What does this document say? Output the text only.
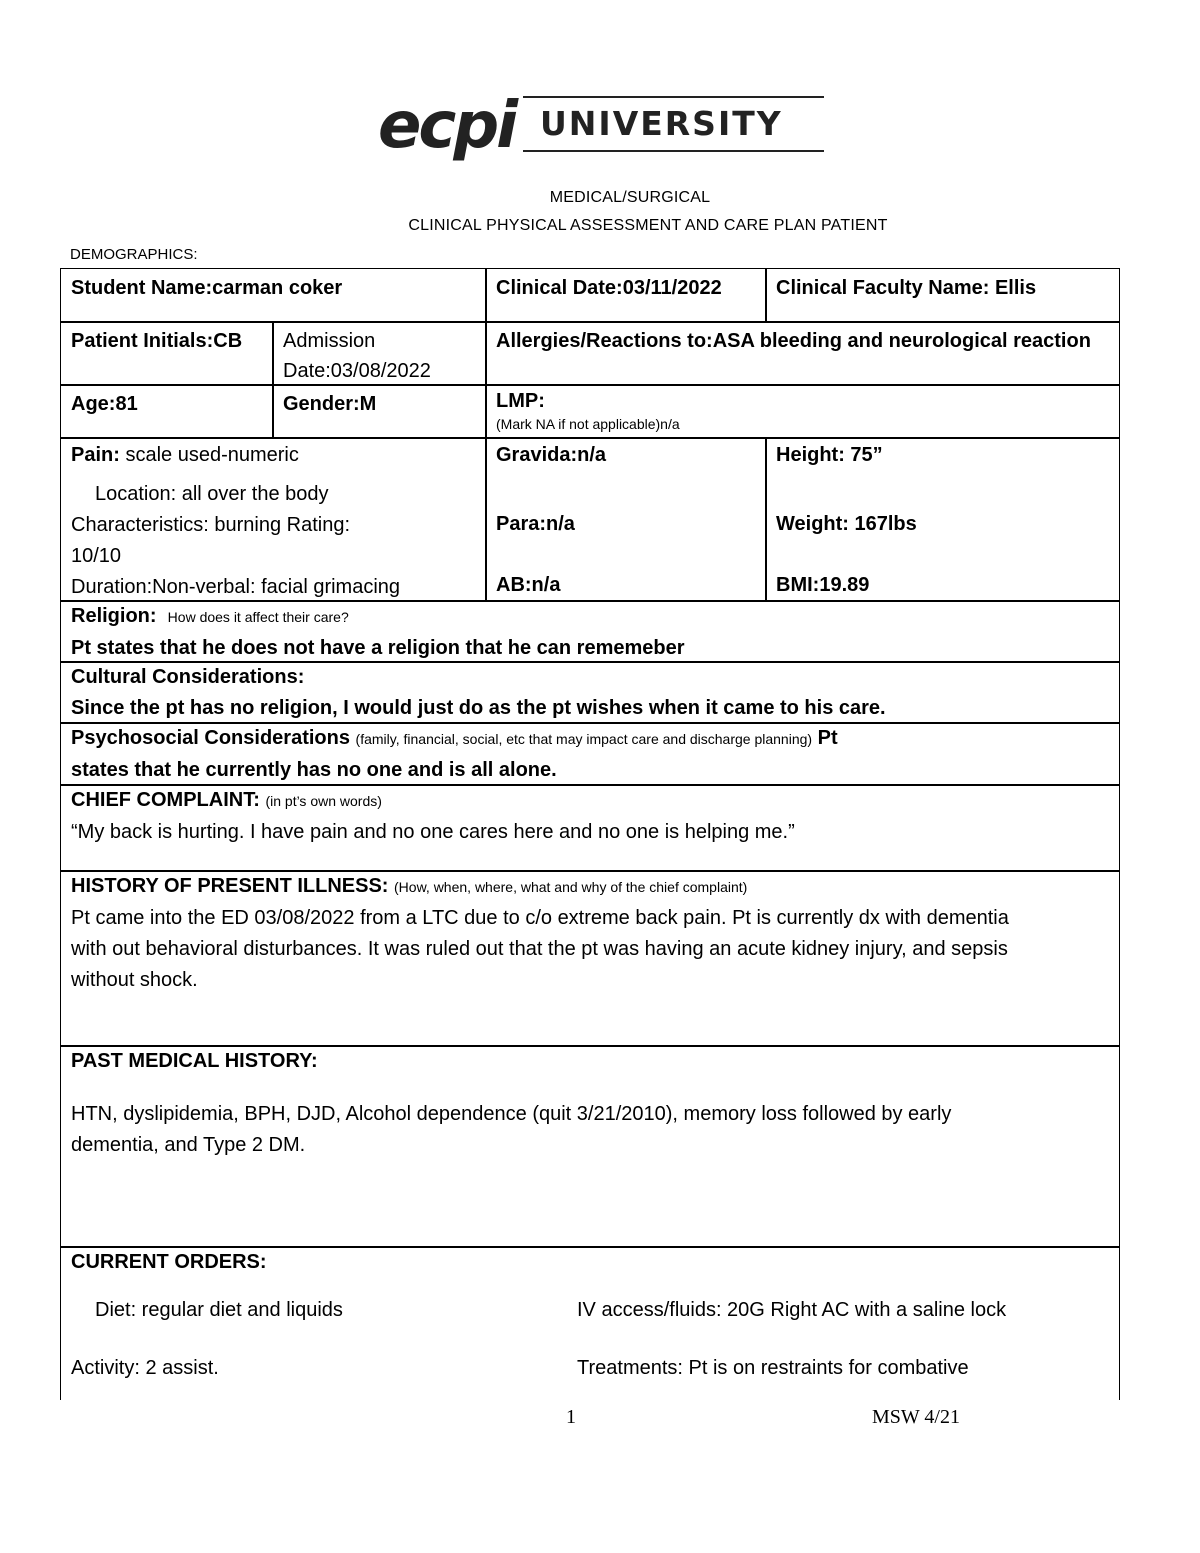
ecpi UNIVERSITY
MEDICAL/SURGICAL
CLINICAL PHYSICAL ASSESSMENT AND CARE PLAN PATIENT
DEMOGRAPHICS:
Student Name:carman coker	Clinical Date:03/11/2022	Clinical Faculty Name: Ellis
Patient Initials:CB	Admission
Date:03/08/2022
Allergies/Reactions to:ASA bleeding and neurological reaction
Age:81	Gender:M	LMP:
(Mark NA if not applicable)n/a
Pain: scale used-numeric
Location: all over the body
Characteristics: burning Rating:
10/10
Duration:Non-verbal: facial grimacing
Gravida:n/a
Para:n/a
AB:n/a
Height: 75”
Weight: 167lbs
BMI:19.89
Religion: How does it affect their care?
Pt states that he does not have a religion that he can rememeber
Cultural Considerations:
Since the pt has no religion, I would just do as the pt wishes when it came to his care.
Psychosocial Considerations (family, financial, social, etc that may impact care and discharge planning) Pt
states that he currently has no one and is all alone.
CHIEF COMPLAINT: (in pt’s own words)
“My back is hurting. I have pain and no one cares here and no one is helping me.”
HISTORY OF PRESENT ILLNESS: (How, when, where, what and why of the chief complaint)
Pt came into the ED 03/08/2022 from a LTC due to c/o extreme back pain. Pt is currently dx with dementia
with out behavioral disturbances. It was ruled out that the pt was having an acute kidney injury, and sepsis
without shock.
PAST MEDICAL HISTORY:
HTN, dyslipidemia, BPH, DJD, Alcohol dependence (quit 3/21/2010), memory loss followed by early
dementia, and Type 2 DM.
CURRENT ORDERS:
Diet: regular diet and liquids	IV access/fluids: 20G Right AC with a saline lock
Activity: 2 assist.	Treatments: Pt is on restraints for combative
1	MSW 4/21
